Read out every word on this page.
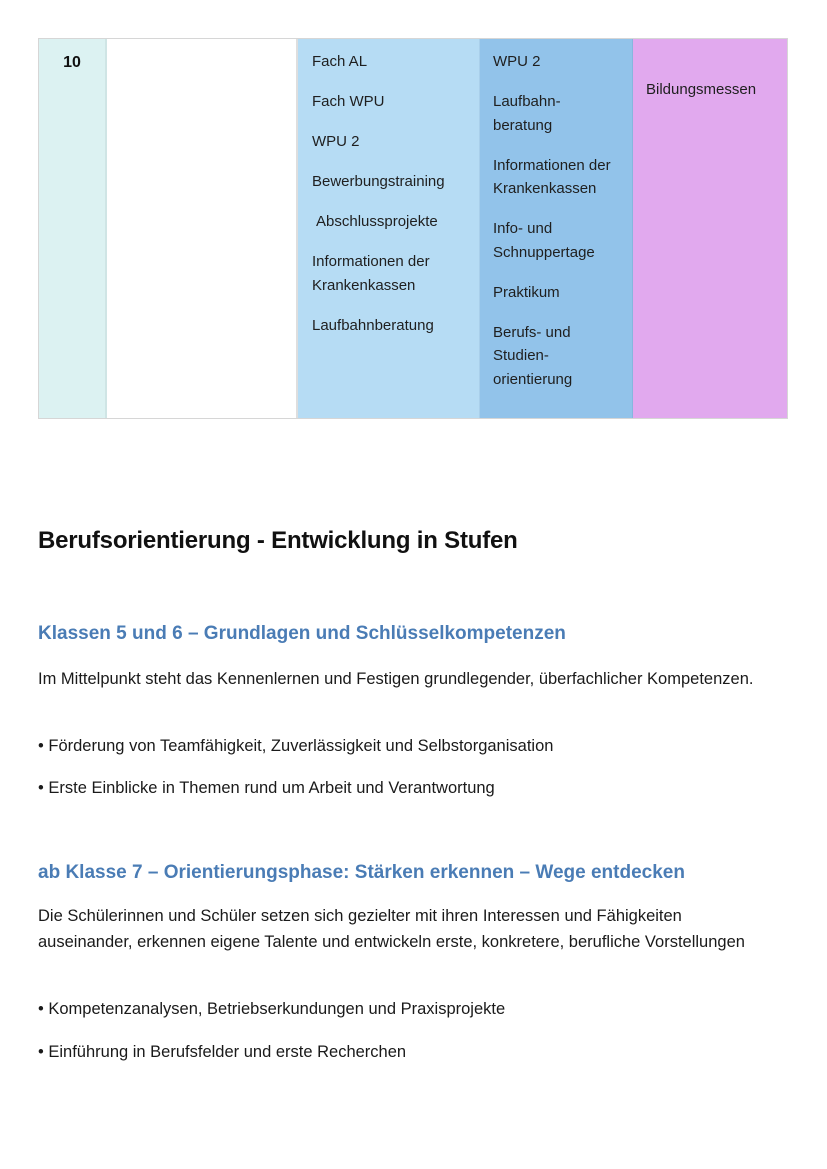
10	Fach AL
Fach WPU
WPU 2
Bewerbungstraining
Abschlussprojekte
Informationen der Krankenkassen
Laufbahnberatung
WPU 2
Laufbahn-beratung
Informationen der Krankenkassen
Info- und Schnuppertage
Praktikum
Berufs- und Studien-orientierung
Bildungsmessen
Berufsorientierung - Entwicklung in Stufen
Klassen 5 und 6 – Grundlagen und Schlüsselkompetenzen

Im Mittelpunkt steht das Kennenlernen und Festigen grundlegender, überfachlicher Kompetenzen.

• Förderung von Teamfähigkeit, Zuverlässigkeit und Selbstorganisation

• Erste Einblicke in Themen rund um Arbeit und Verantwortung

ab Klasse 7 – Orientierungsphase: Stärken erkennen – Wege entdecken

Die Schülerinnen und Schüler setzen sich gezielter mit ihren Interessen und Fähigkeiten auseinander, erkennen eigene Talente und entwickeln erste, konkretere, berufliche Vorstellungen

• Kompetenzanalysen, Betriebserkundungen und Praxisprojekte

• Einführung in Berufsfelder und erste Recherchen
